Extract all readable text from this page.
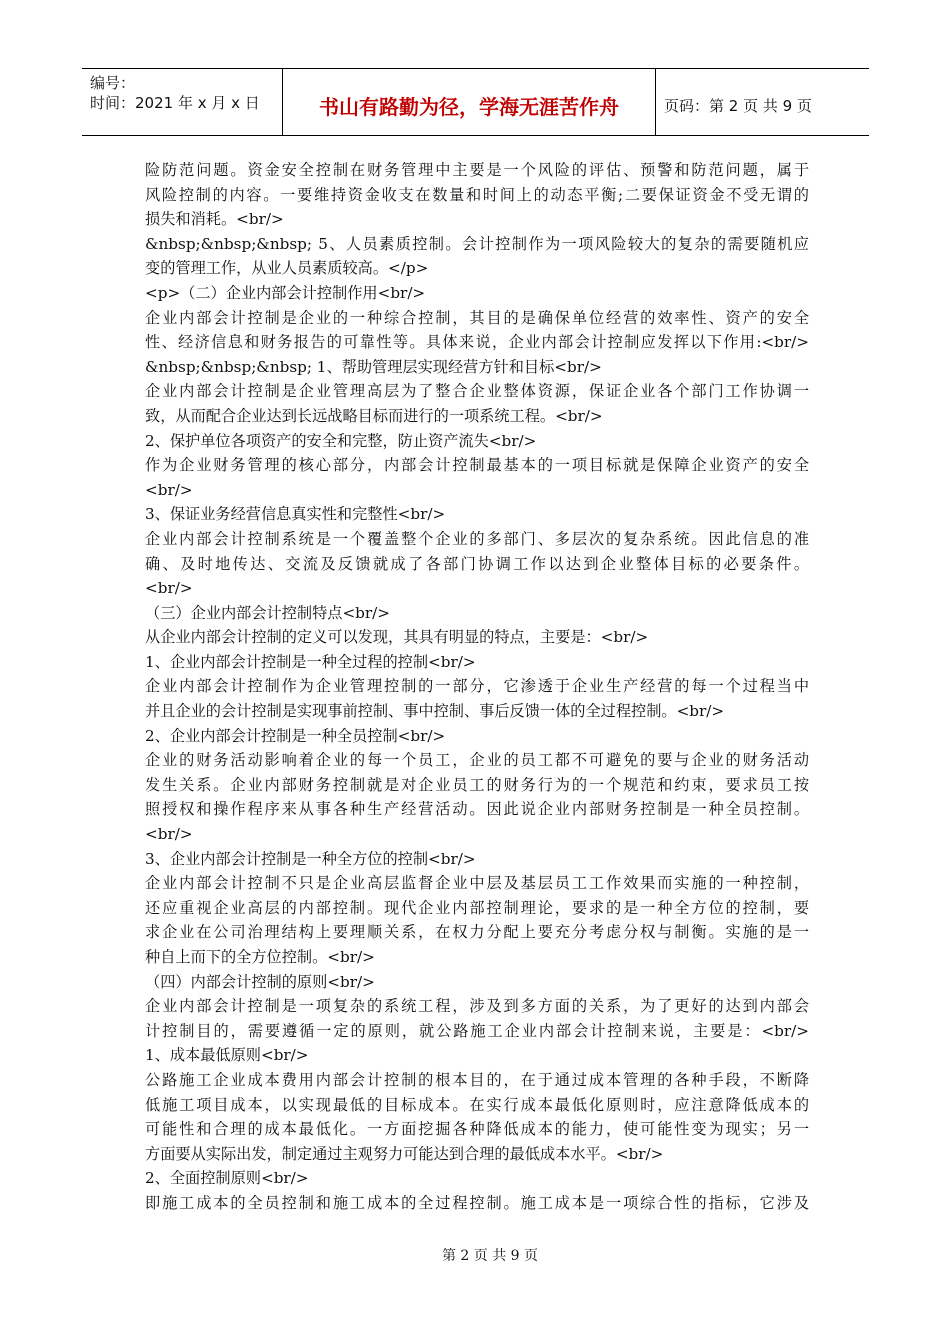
编号：
时间：2021 年 x 月 x 日	书山有路勤为径，学海无涯苦作舟	页码：第 2 页 共 9 页
险防范问题。资金安全控制在财务管理中主要是一个风险的评估、预警和防范问题，属于
风险控制的内容。一要维持资金收支在数量和时间上的动态平衡;二要保证资金不受无谓的
损失和消耗。<br/>
&nbsp;&nbsp;&nbsp; 5、人员素质控制。会计控制作为一项风险较大的复杂的需要随机应
变的管理工作，从业人员素质较高。</p>
<p>（二）企业内部会计控制作用<br/>
企业内部会计控制是企业的一种综合控制，其目的是确保单位经营的效率性、资产的安全
性、经济信息和财务报告的可靠性等。具体来说，企业内部会计控制应发挥以下作用:<br/>
&nbsp;&nbsp;&nbsp; 1、帮助管理层实现经营方针和目标<br/>
企业内部会计控制是企业管理高层为了整合企业整体资源，保证企业各个部门工作协调一
致，从而配合企业达到长远战略目标而进行的一项系统工程。<br/>
2、保护单位各项资产的安全和完整，防止资产流失<br/>
作为企业财务管理的核心部分，内部会计控制最基本的一项目标就是保障企业资产的安全
<br/>
3、保证业务经营信息真实性和完整性<br/>
企业内部会计控制系统是一个覆盖整个企业的多部门、多层次的复杂系统。因此信息的准
确、及时地传达、交流及反馈就成了各部门协调工作以达到企业整体目标的必要条件。
<br/>
（三）企业内部会计控制特点<br/>
从企业内部会计控制的定义可以发现，其具有明显的特点，主要是：<br/>
1、企业内部会计控制是一种全过程的控制<br/>
企业内部会计控制作为企业管理控制的一部分，它渗透于企业生产经营的每一个过程当中
并且企业的会计控制是实现事前控制、事中控制、事后反馈一体的全过程控制。<br/>
2、企业内部会计控制是一种全员控制<br/>
企业的财务活动影响着企业的每一个员工，企业的员工都不可避免的要与企业的财务活动
发生关系。企业内部财务控制就是对企业员工的财务行为的一个规范和约束，要求员工按
照授权和操作程序来从事各种生产经营活动。因此说企业内部财务控制是一种全员控制。
<br/>
3、企业内部会计控制是一种全方位的控制<br/>
企业内部会计控制不只是企业高层监督企业中层及基层员工工作效果而实施的一种控制，
还应重视企业高层的内部控制。现代企业内部控制理论，要求的是一种全方位的控制，要
求企业在公司治理结构上要理顺关系，在权力分配上要充分考虑分权与制衡。实施的是一
种自上而下的全方位控制。<br/>
（四）内部会计控制的原则<br/>
企业内部会计控制是一项复杂的系统工程，涉及到多方面的关系，为了更好的达到内部会
计控制目的，需要遵循一定的原则，就公路施工企业内部会计控制来说，主要是：<br/>
1、成本最低原则<br/>
公路施工企业成本费用内部会计控制的根本目的，在于通过成本管理的各种手段，不断降
低施工项目成本，以实现最低的目标成本。在实行成本最低化原则时，应注意降低成本的
可能性和合理的成本最低化。一方面挖掘各种降低成本的能力，使可能性变为现实；另一
方面要从实际出发，制定通过主观努力可能达到合理的最低成本水平。<br/>
2、全面控制原则<br/>
即施工成本的全员控制和施工成本的全过程控制。施工成本是一项综合性的指标，它涉及
第 2 页 共 9 页
